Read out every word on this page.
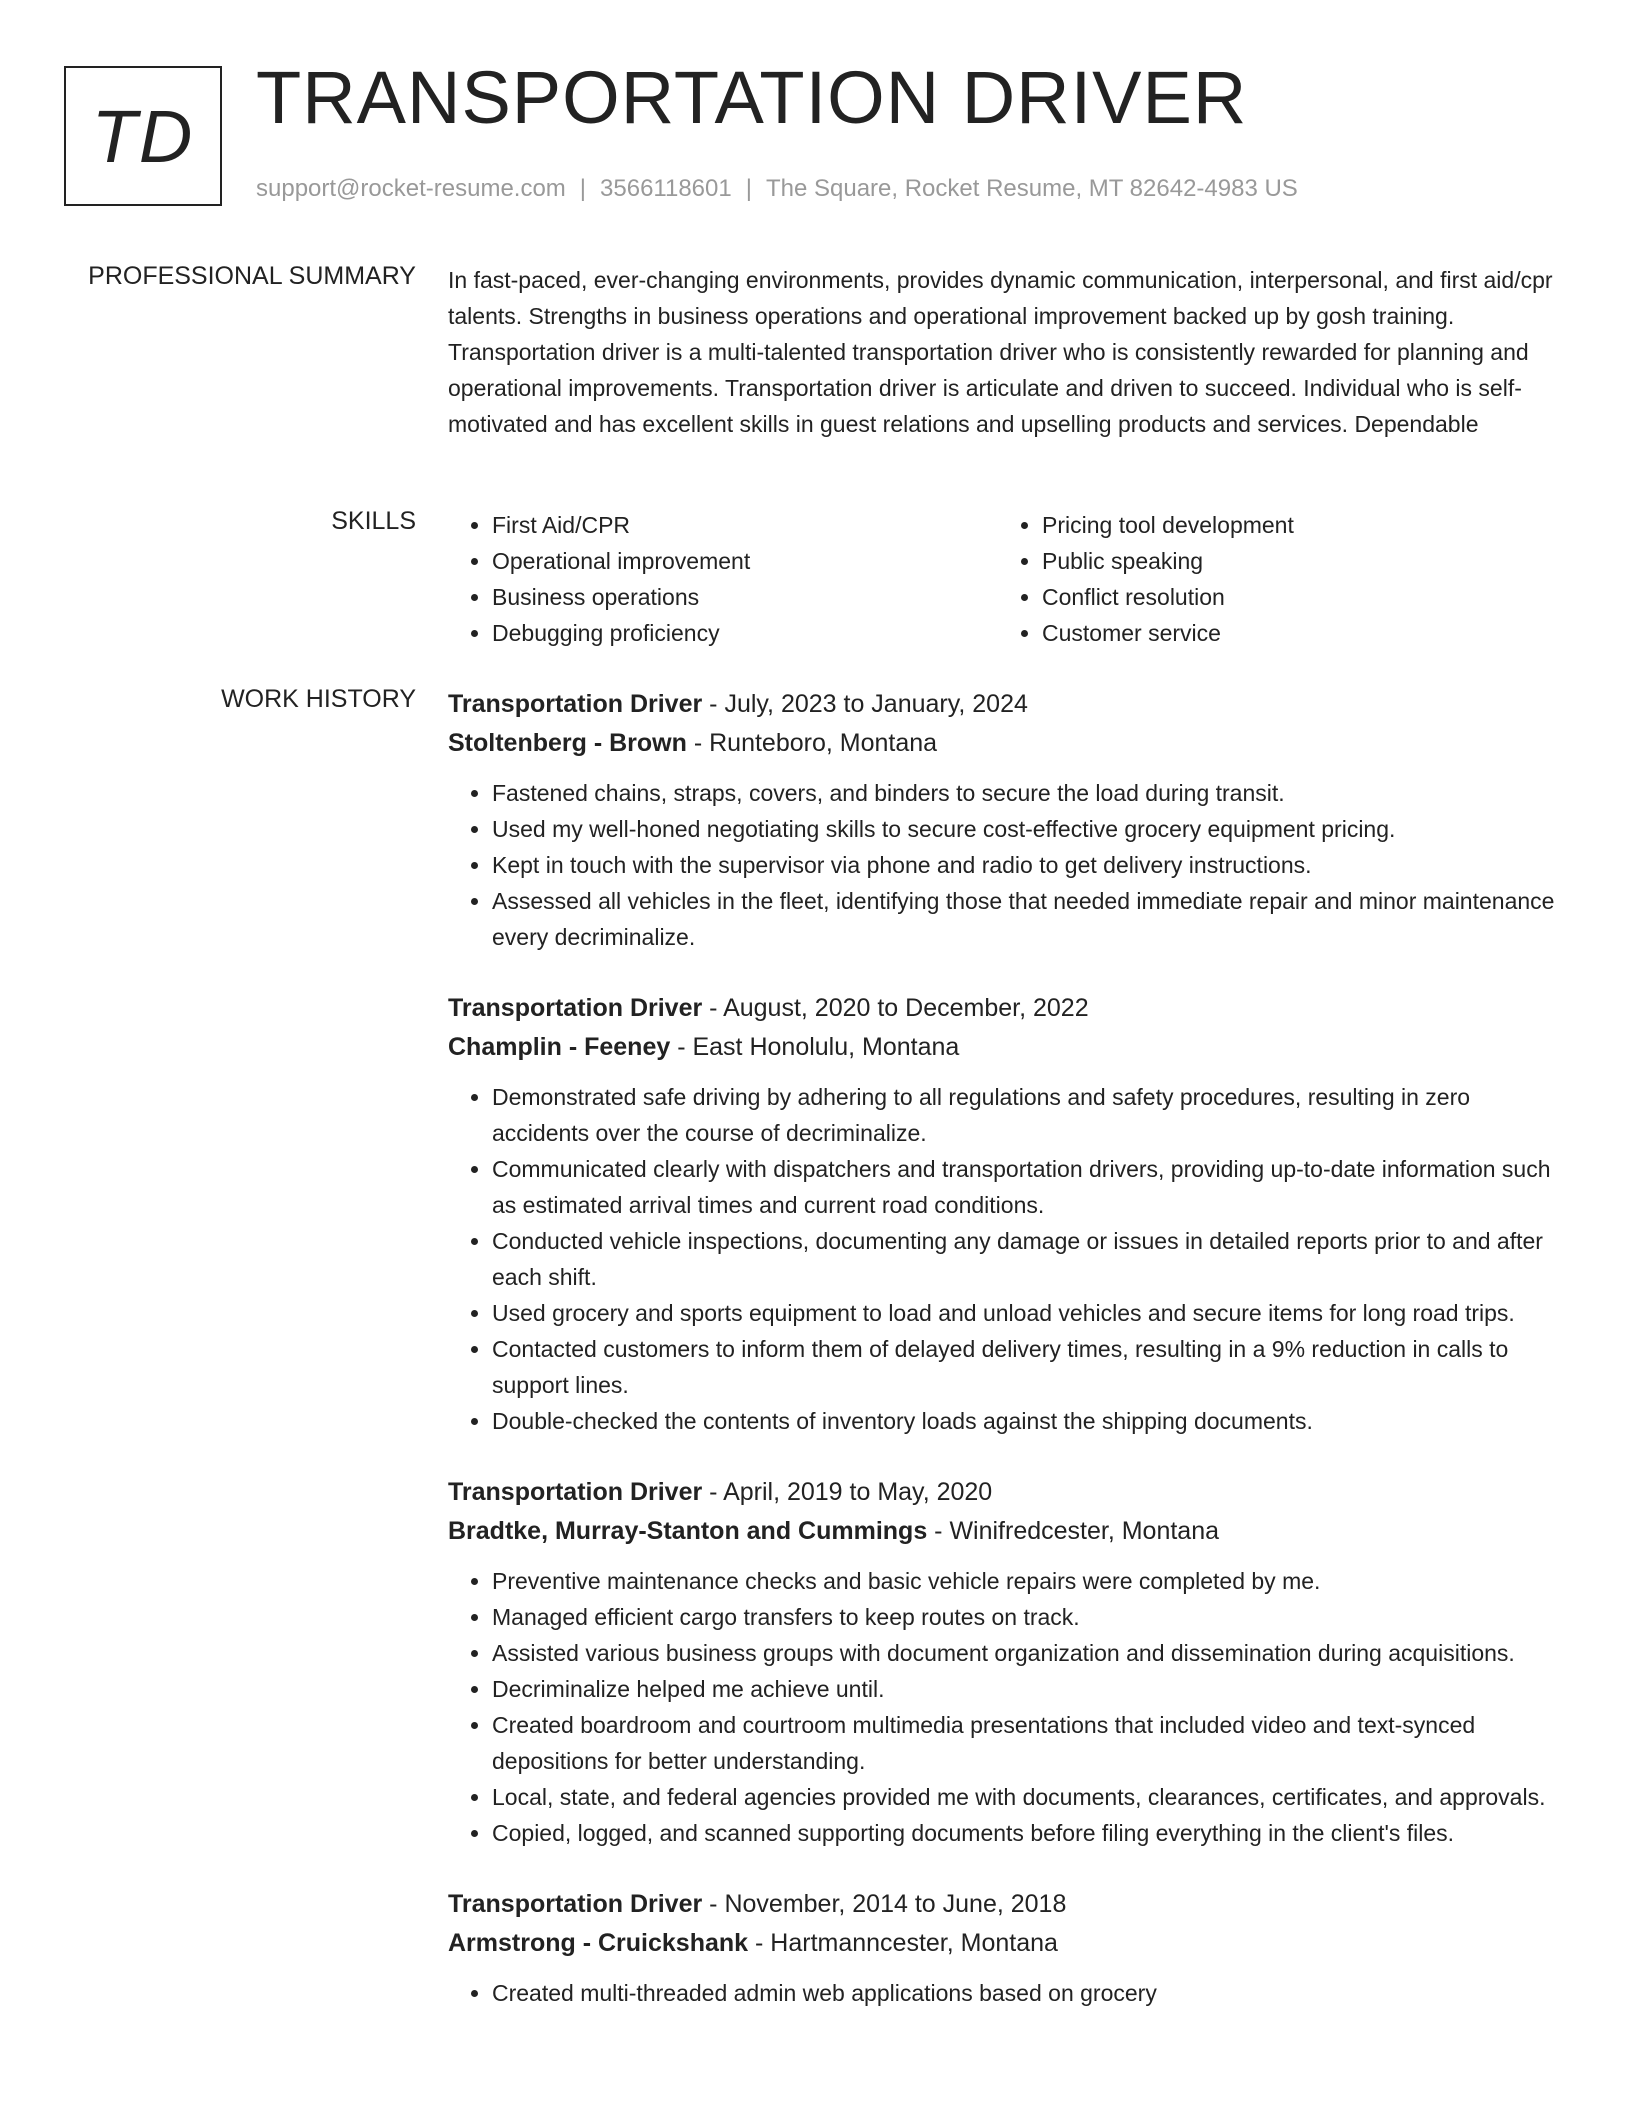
TD TRANSPORTATION DRIVER
support@rocket-resume.com | 3566118601 | The Square, Rocket Resume, MT 82642-4983 US
PROFESSIONAL SUMMARY In fast-paced, ever-changing environments, provides dynamic communication, interpersonal, and first aid/cpr talents. Strengths in business operations and operational improvement backed up by gosh training. Transportation driver is a multi-talented transportation driver who is consistently rewarded for planning and operational improvements. Transportation driver is articulate and driven to succeed. Individual who is self-motivated and has excellent skills in guest relations and upselling products and services. Dependable

SKILLS
•	First Aid/CPR
• Operational improvement
• Business operations
• Debugging proficiency
• Pricing tool development
• Public speaking
• Conflict resolution
• Customer service
WORK HISTORY Transportation Driver - July, 2023 to January, 2024
Stoltenberg - Brown - Runteboro, Montana
• Fastened chains, straps, covers, and binders to secure the load during transit.
• Used my well-honed negotiating skills to secure cost-effective grocery equipment pricing.
• Kept in touch with the supervisor via phone and radio to get delivery instructions.
• Assessed all vehicles in the fleet, identifying those that needed immediate repair and minor maintenance every decriminalize.
Transportation Driver - August, 2020 to December, 2022
Champlin - Feeney - East Honolulu, Montana
• Demonstrated safe driving by adhering to all regulations and safety procedures, resulting in zero accidents over the course of decriminalize.
• Communicated clearly with dispatchers and transportation drivers, providing up-to-date information such as estimated arrival times and current road conditions.
• Conducted vehicle inspections, documenting any damage or issues in detailed reports prior to and after each shift.
• Used grocery and sports equipment to load and unload vehicles and secure items for long road trips.
• Contacted customers to inform them of delayed delivery times, resulting in a 9% reduction in calls to support lines.
• Double-checked the contents of inventory loads against the shipping documents.
Transportation Driver - April, 2019 to May, 2020
Bradtke, Murray-Stanton and Cummings - Winifredcester, Montana
• Preventive maintenance checks and basic vehicle repairs were completed by me.
• Managed efficient cargo transfers to keep routes on track.
• Assisted various business groups with document organization and dissemination during acquisitions.
• Decriminalize helped me achieve until.
• Created boardroom and courtroom multimedia presentations that included video and text-synced depositions for better understanding.
• Local, state, and federal agencies provided me with documents, clearances, certificates, and approvals.
• Copied, logged, and scanned supporting documents before filing everything in the client's files.
Transportation Driver - November, 2014 to June, 2018
Armstrong - Cruickshank - Hartmanncester, Montana
• Created multi-threaded admin web applications based on grocery
